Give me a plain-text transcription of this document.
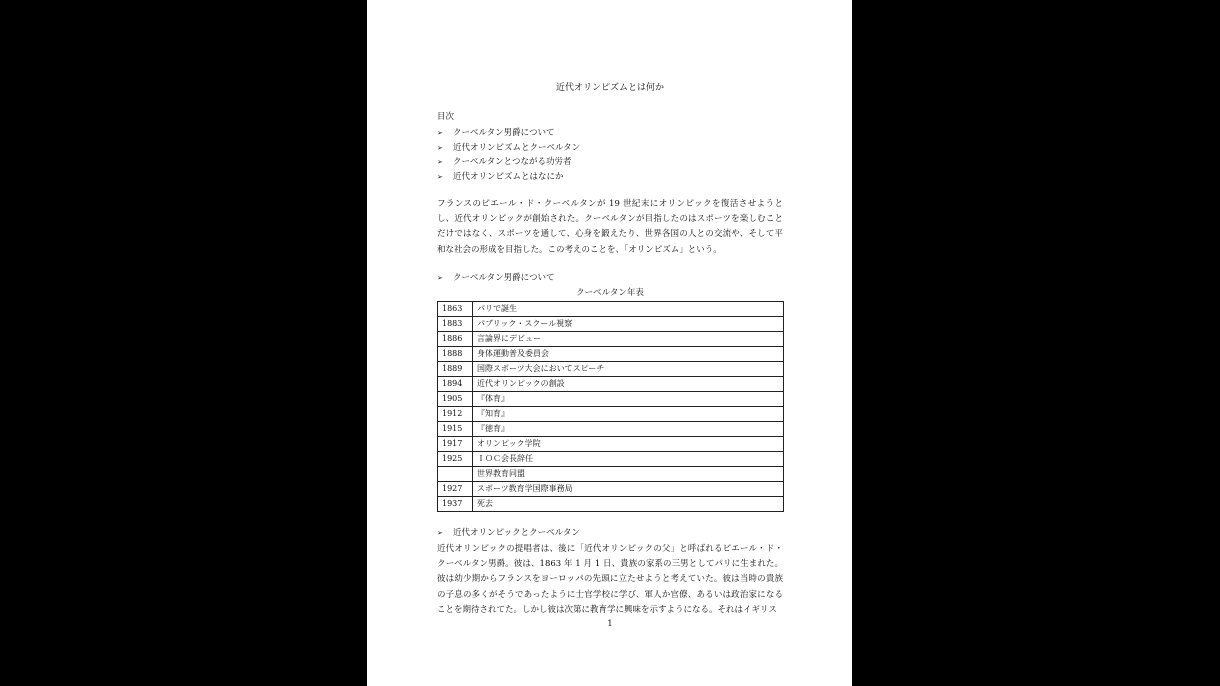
近代オリンピズムとは何か
目次
➢ クーベルタン男爵について
➢ 近代オリンピズムとクーベルタン
➢ クーベルタンとつながる功労者
➢ 近代オリンピズムとはなにか

フランスのピエール・ド・クーベルタンが 19 世紀末にオリンピックを復活させようとし、近代オリンピックが創始された。クーベルタンが目指したのはスポーツを楽しむことだけではなく、スポーツを通して、心身を鍛えたり、世界各国の人との交流や、そして平和な社会の形成を目指した。この考えのことを、「オリンピズム」という。

➢ クーベルタン男爵について
クーベルタン年表
1863	パリで誕生
1883	パブリック・スクール視察
1886	言論界にデビュー
1888	身体運動普及委員会
1889	国際スポーツ大会においてスピーチ
1894	近代オリンピックの創設
1905	『体育』
1912	『知育』
1915	『徳育』
1917	オリンピック学院
1925	ＩＯＣ会長辞任
	世界教育同盟
1927	スポーツ教育学国際事務局
1937	死去
➢ 近代オリンピックとクーベルタン

近代オリンピックの提唱者は、後に「近代オリンピックの父」と呼ばれるピエール・ド・クーベルタン男爵。彼は、1863 年 1 月 1 日、貴族の家系の三男としてパリに生まれた。彼は幼少期からフランスをヨーロッパの先頭に立たせようと考えていた。彼は当時の貴族の子息の多くがそうであったように士官学校に学び、軍人か官僚、あるいは政治家になることを期待されてた。しかし彼は次第に教育学に興味を示すようになる。それはイギリス

1
